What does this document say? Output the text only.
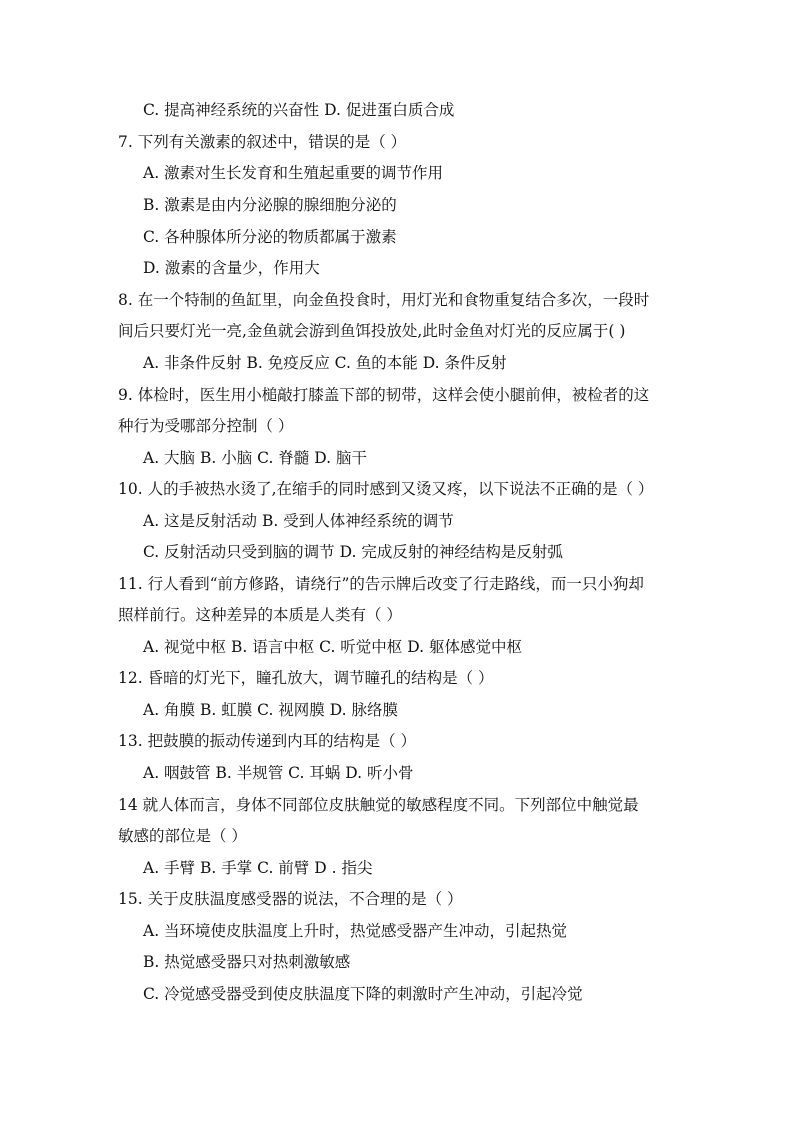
C. 提高神经系统的兴奋性 D. 促进蛋白质合成
7. 下列有关激素的叙述中，错误的是（ ）
A. 激素对生长发育和生殖起重要的调节作用
B. 激素是由内分泌腺的腺细胞分泌的
C. 各种腺体所分泌的物质都属于激素
D. 激素的含量少，作用大
8. 在一个特制的鱼缸里，向金鱼投食时，用灯光和食物重复结合多次，一段时
间后只要灯光一亮,金鱼就会游到鱼饵投放处,此时金鱼对灯光的反应属于( )
A. 非条件反射 B. 免疫反应 C. 鱼的本能 D. 条件反射
9. 体检时，医生用小槌敲打膝盖下部的韧带，这样会使小腿前伸，被检者的这
种行为受哪部分控制（ ）
A. 大脑 B. 小脑 C. 脊髓 D. 脑干
10. 人的手被热水烫了,在缩手的同时感到又烫又疼，以下说法不正确的是（ ）
A. 这是反射活动 B. 受到人体神经系统的调节
C. 反射活动只受到脑的调节 D. 完成反射的神经结构是反射弧
11. 行人看到“前方修路，请绕行”的告示牌后改变了行走路线，而一只小狗却
照样前行。这种差异的本质是人类有（ ）
A. 视觉中枢 B. 语言中枢 C. 听觉中枢 D. 躯体感觉中枢
12. 昏暗的灯光下，瞳孔放大，调节瞳孔的结构是（ ）
A. 角膜 B. 虹膜 C. 视网膜 D. 脉络膜
13. 把鼓膜的振动传递到内耳的结构是（ ）
A. 咽鼓管 B. 半规管 C. 耳蜗 D. 听小骨
14 就人体而言，身体不同部位皮肤触觉的敏感程度不同。下列部位中触觉最
敏感的部位是（ ）
A. 手臂 B. 手掌 C. 前臂 D . 指尖
15. 关于皮肤温度感受器的说法，不合理的是（ ）
A. 当环境使皮肤温度上升时，热觉感受器产生冲动，引起热觉
B. 热觉感受器只对热刺激敏感
C. 冷觉感受器受到使皮肤温度下降的刺激时产生冲动，引起冷觉
